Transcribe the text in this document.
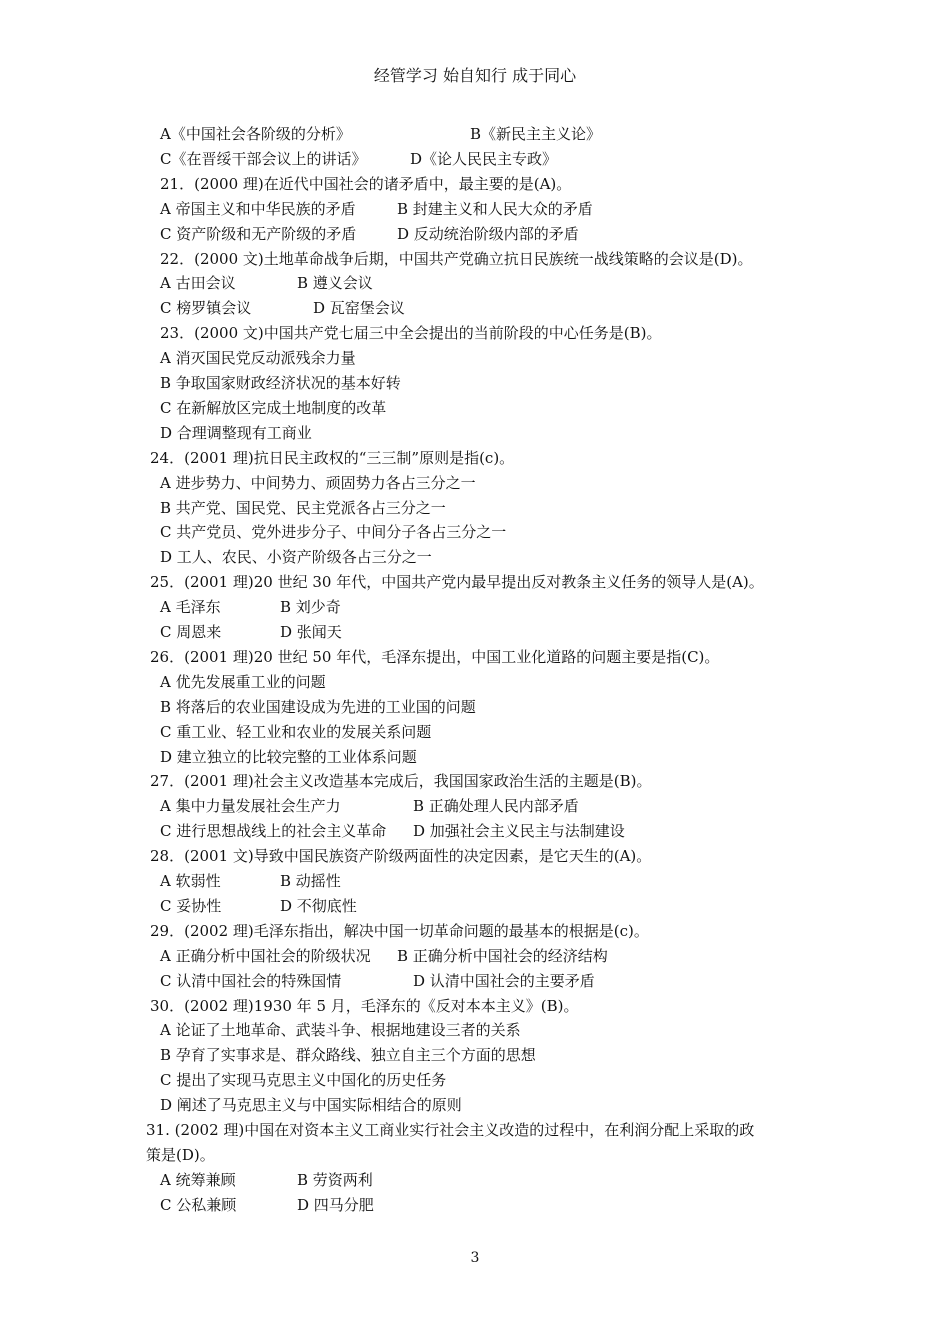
经管学习 始自知行 成于同心
A《中国社会各阶级的分析》	B《新民主主义论》
C《在晋绥干部会议上的讲话》	D《论人民民主专政》
21．(2000 理)在近代中国社会的诸矛盾中，最主要的是(A)。
A 帝国主义和中华民族的矛盾	B 封建主义和人民大众的矛盾
C 资产阶级和无产阶级的矛盾	D 反动统治阶级内部的矛盾
22．(2000 文)土地革命战争后期，中国共产党确立抗日民族统一战线策略的会议是(D)。
A 古田会议	B 遵义会议
C 榜罗镇会议	D 瓦窑堡会议
23．(2000 文)中国共产党七届三中全会提出的当前阶段的中心任务是(B)。
A 消灭国民党反动派残余力量
B 争取国家财政经济状况的基本好转
C 在新解放区完成土地制度的改革
D 合理调整现有工商业
24．(2001 理)抗日民主政权的“三三制”原则是指(c)。
A 进步势力、中间势力、顽固势力各占三分之一
B 共产党、国民党、民主党派各占三分之一
C 共产党员、党外进步分子、中间分子各占三分之一
D 工人、农民、小资产阶级各占三分之一
25．(2001 理)20 世纪 30 年代，中国共产党内最早提出反对教条主义任务的领导人是(A)。
A 毛泽东	B 刘少奇
C 周恩来	D 张闻天
26．(2001 理)20 世纪 50 年代，毛泽东提出，中国工业化道路的问题主要是指(C)。
A 优先发展重工业的问题
B 将落后的农业国建设成为先进的工业国的问题
C 重工业、轻工业和农业的发展关系问题
D 建立独立的比较完整的工业体系问题
27．(2001 理)社会主义改造基本完成后，我国国家政治生活的主题是(B)。
A 集中力量发展社会生产力	B 正确处理人民内部矛盾
C 进行思想战线上的社会主义革命 D 加强社会主义民主与法制建设
28．(2001 文)导致中国民族资产阶级两面性的决定因素，是它天生的(A)。
A 软弱性	B 动摇性
C 妥协性	D 不彻底性
29．(2002 理)毛泽东指出，解决中国一切革命问题的最基本的根据是(c)。
A 正确分析中国社会的阶级状况 B 正确分析中国社会的经济结构
C 认清中国社会的特殊国情	D 认清中国社会的主要矛盾
30．(2002 理)1930 年 5 月，毛泽东的《反对本本主义》(B)。
A 论证了土地革命、武装斗争、根据地建设三者的关系
B 孕育了实事求是、群众路线、独立自主三个方面的思想
C 提出了实现马克思主义中国化的历史任务
D 阐述了马克思主义与中国实际相结合的原则
31. (2002 理)中国在对资本主义工商业实行社会主义改造的过程中，在利润分配上采取的政
策是(D)。
A 统筹兼顾	B 劳资两利
C 公私兼顾	D 四马分肥
3
